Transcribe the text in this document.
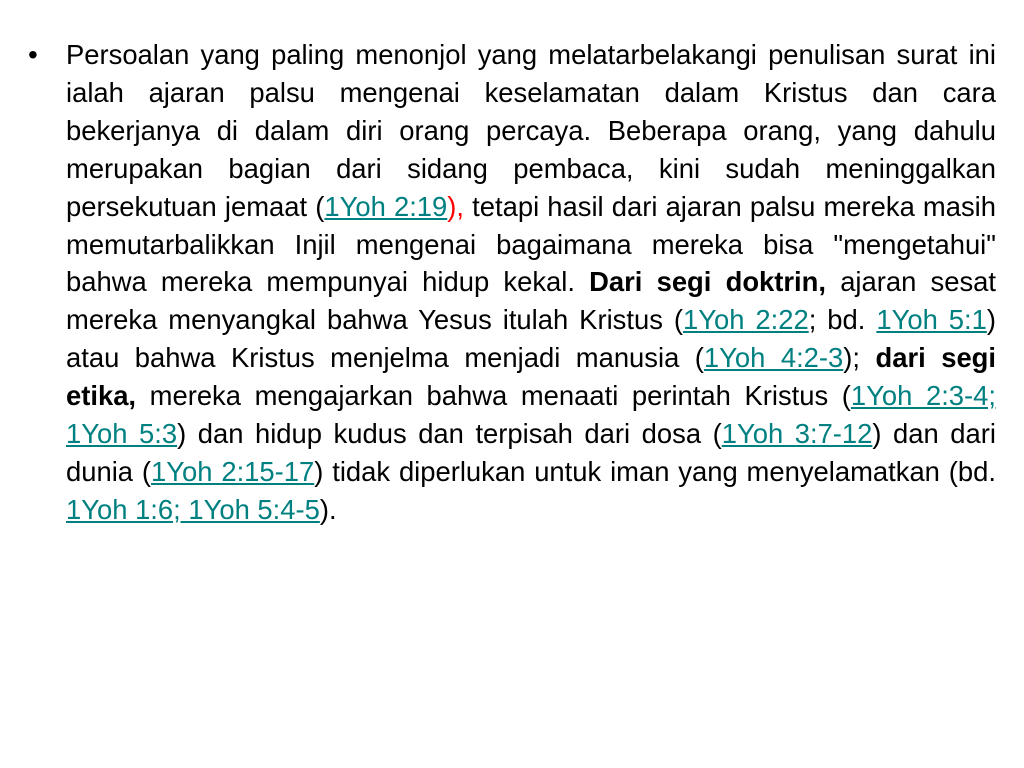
•	Persoalan yang paling menonjol yang melatarbelakangi penulisan surat ini ialah ajaran palsu mengenai keselamatan dalam Kristus dan cara bekerjanya di dalam diri orang percaya. Beberapa orang, yang dahulu merupakan bagian dari sidang pembaca, kini sudah meninggalkan persekutuan jemaat (1Yoh 2:19), tetapi hasil dari ajaran palsu mereka masih memutarbalikkan Injil mengenai bagaimana mereka bisa "mengetahui" bahwa mereka mempunyai hidup kekal. Dari segi doktrin, ajaran sesat mereka menyangkal bahwa Yesus itulah Kristus (1Yoh 2:22; bd. 1Yoh 5:1) atau bahwa Kristus menjelma menjadi manusia (1Yoh 4:2-3); dari segi etika, mereka mengajarkan bahwa menaati perintah Kristus (1Yoh 2:3-4; 1Yoh 5:3) dan hidup kudus dan terpisah dari dosa (1Yoh 3:7-12) dan dari dunia (1Yoh 2:15-17) tidak diperlukan untuk iman yang menyelamatkan (bd. 1Yoh 1:6; 1Yoh 5:4-5).
